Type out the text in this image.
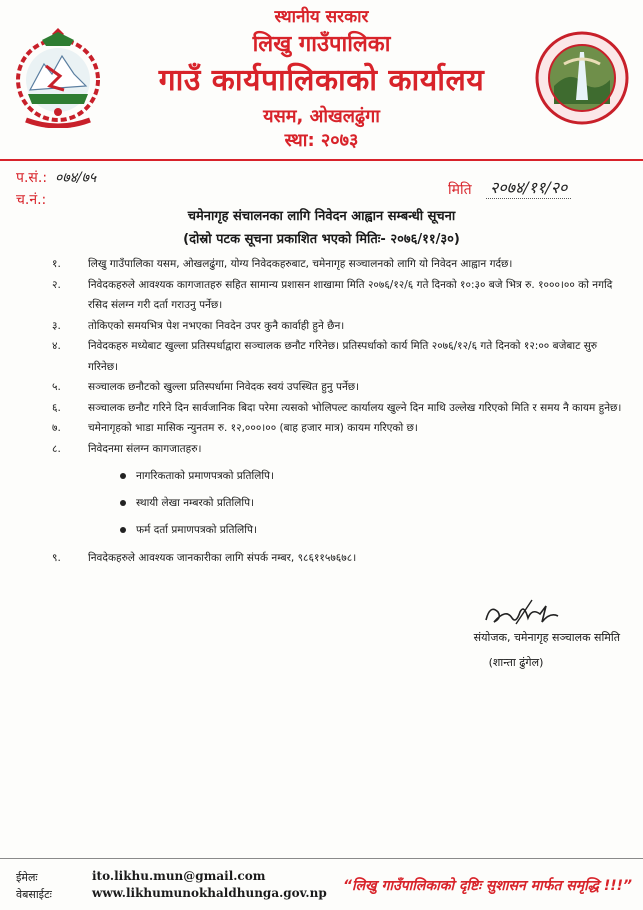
स्थानीय सरकार
लिखु गाउँपालिका
गाउँ कार्यपालिकाको कार्यालय
यसम, ओखलढुंगा
स्था: २०७३
प.सं.: ०७४/७५
च.नं.:
मिति २०७४/११/२०
चमेनागृह संचालनका लागि निवेदन आह्वान सम्बन्धी सूचना
(दोस्रो पटक सूचना प्रकाशित भएको मितिः- २०७६/११/३०)
१.	लिखु गाउँपालिका यसम, ओखलढुंगा, योग्य निवेदकहरुबाट, चमेनागृह सञ्चालनको लागि यो निवेदन आह्वान गर्दछ।
२.	निवेदकहरुले आवश्यक कागजातहरु सहित सामान्य प्रशासन शाखामा मिति २०७६/१२/६ गते दिनको १०:३० बजे भित्र रु. १०००।०० को नगदि रसिद संलग्न गरी दर्ता गराउनु पर्नेछ।
३.	तोकिएको समयभित्र पेश नभएका निवदेन उपर कुनै कार्वाही हुने छैन।
४.	निवेदकहरु मध्येबाट खुल्ला प्रतिस्पर्धाद्वारा सञ्चालक छनौट गरिनेछ। प्रतिस्पर्धाको कार्य मिति २०७६/१२/६ गते दिनको १२:०० बजेबाट सुरु गरिनेछ।
५.	सञ्चालक छनौटको खुल्ला प्रतिस्पर्धामा निवेदक स्वयं उपस्थित हुनु पर्नेछ।
६.	सञ्चालक छनौट गरिने दिन सार्वजानिक बिदा परेमा त्यसको भोलिपल्ट कार्यालय खुल्ने दिन माथि उल्लेख गरिएको मिति र समय नै कायम हुनेछ।
७.	चमेनागृहको भाडा मासिक न्युनतम रु. १२,०००।०० (बाह हजार मात्र) कायम गरिएको छ।
८.	निवेदनमा संलग्न कागजातहरु।
नागरिकताको प्रमाणपत्रको प्रतिलिपि।
स्थायी लेखा नम्बरको प्रतिलिपि।
फर्म दर्ता प्रमाणपत्रको प्रतिलिपि।
९.	निवदेकहरुले आवश्यक जानकारीका लागि संपर्क नम्बर, ९८६११५७६७८।
संयोजक, चमेनागृह सञ्चालक समिति
(शान्ता ढुंगेल)
ईमेलः
वेबसाईटः
ito.likhu.mun@gmail.com
www.likhumunokhaldhunga.gov.np	“लिखु गाउँपालिकाको दृष्टिः सुशासन मार्फत समृद्धि !!!”
